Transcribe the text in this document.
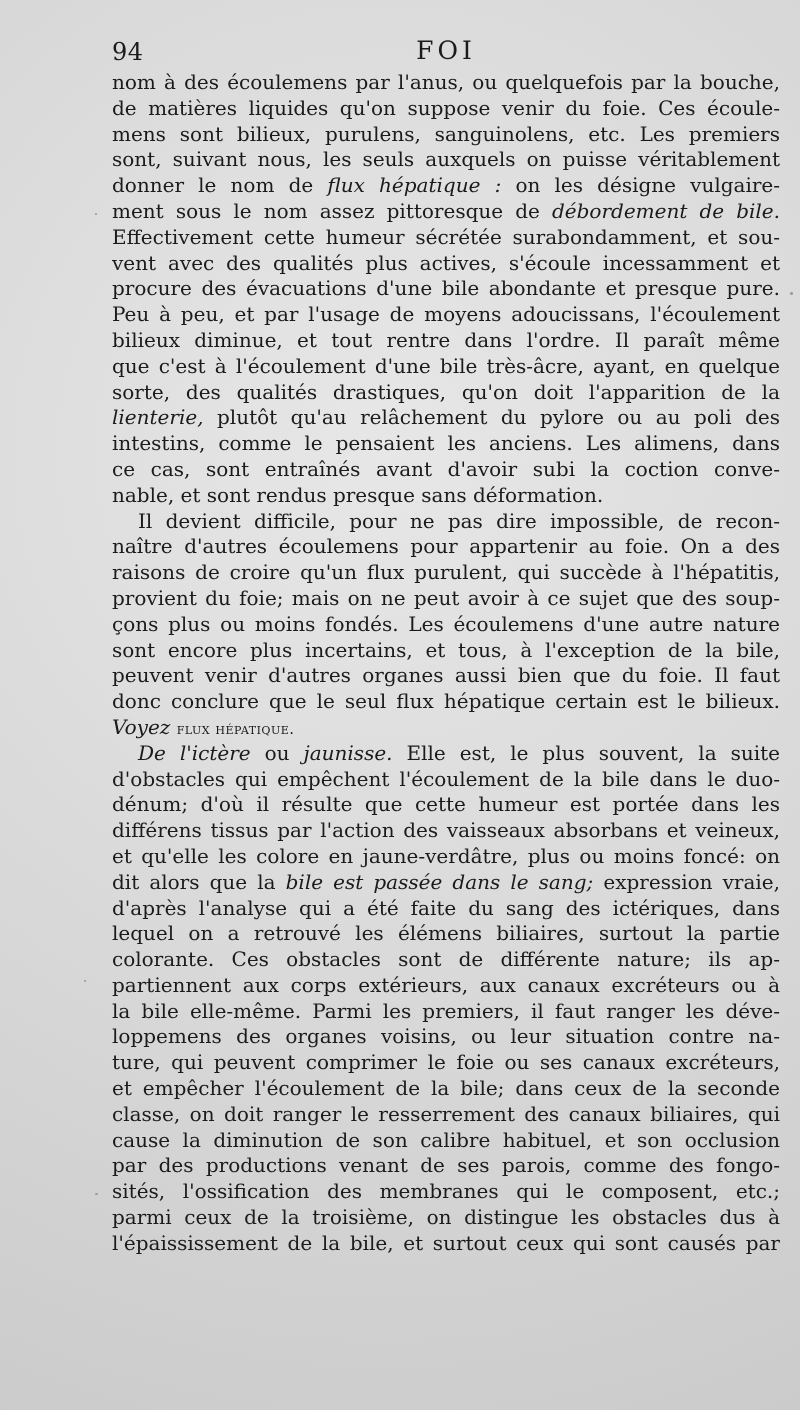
94	FOI
nom à des écoulemens par l'anus, ou quelquefois par la bouche,
de matières liquides qu'on suppose venir du foie. Ces écoule-
mens sont bilieux, purulens, sanguinolens, etc. Les premiers
sont, suivant nous, les seuls auxquels on puisse véritablement
donner le nom de flux hépatique : on les désigne vulgaire-
ment sous le nom assez pittoresque de débordement de bile.
Effectivement cette humeur sécrétée surabondamment, et sou-
vent avec des qualités plus actives, s'écoule incessamment et
procure des évacuations d'une bile abondante et presque pure.
Peu à peu, et par l'usage de moyens adoucissans, l'écoulement
bilieux diminue, et tout rentre dans l'ordre. Il paraît même
que c'est à l'écoulement d'une bile très-âcre, ayant, en quelque
sorte, des qualités drastiques, qu'on doit l'apparition de la
lienterie, plutôt qu'au relâchement du pylore ou au poli des
intestins, comme le pensaient les anciens. Les alimens, dans
ce cas, sont entraînés avant d'avoir subi la coction conve-
nable, et sont rendus presque sans déformation.
Il devient difficile, pour ne pas dire impossible, de recon-
naître d'autres écoulemens pour appartenir au foie. On a des
raisons de croire qu'un flux purulent, qui succède à l'hépatitis,
provient du foie; mais on ne peut avoir à ce sujet que des soup-
çons plus ou moins fondés. Les écoulemens d'une autre nature
sont encore plus incertains, et tous, à l'exception de la bile,
peuvent venir d'autres organes aussi bien que du foie. Il faut
donc conclure que le seul flux hépatique certain est le bilieux.
Voyez flux hépatique.
De l'ictère ou jaunisse. Elle est, le plus souvent, la suite
d'obstacles qui empêchent l'écoulement de la bile dans le duo-
dénum; d'où il résulte que cette humeur est portée dans les
différens tissus par l'action des vaisseaux absorbans et veineux,
et qu'elle les colore en jaune-verdâtre, plus ou moins foncé: on
dit alors que la bile est passée dans le sang; expression vraie,
d'après l'analyse qui a été faite du sang des ictériques, dans
lequel on a retrouvé les élémens biliaires, surtout la partie
colorante. Ces obstacles sont de différente nature; ils ap-
partiennent aux corps extérieurs, aux canaux excréteurs ou à
la bile elle-même. Parmi les premiers, il faut ranger les déve-
loppemens des organes voisins, ou leur situation contre na-
ture, qui peuvent comprimer le foie ou ses canaux excréteurs,
et empêcher l'écoulement de la bile; dans ceux de la seconde
classe, on doit ranger le resserrement des canaux biliaires, qui
cause la diminution de son calibre habituel, et son occlusion
par des productions venant de ses parois, comme des fongo-
sités, l'ossification des membranes qui le composent, etc.;
parmi ceux de la troisième, on distingue les obstacles dus à
l'épaississement de la bile, et surtout ceux qui sont causés par
